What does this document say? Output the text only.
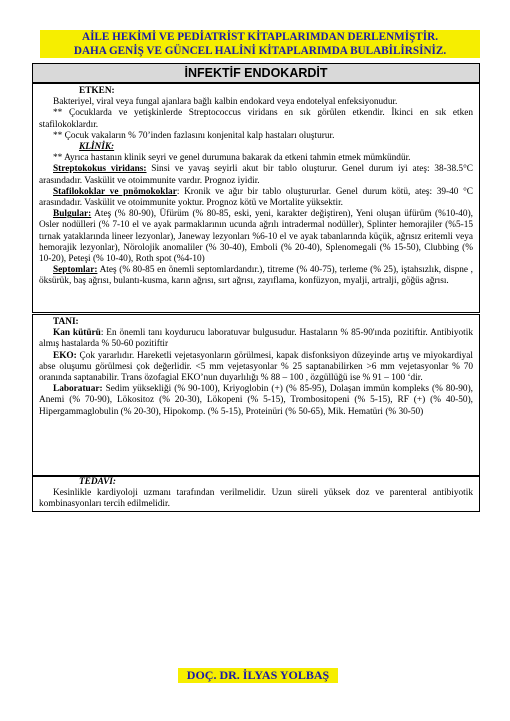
AİLE HEKİMİ VE PEDİATRİST KİTAPLARIMDAN DERLENMİŞTİR.
DAHA GENİŞ VE GÜNCEL HALİNİ KİTAPLARIMDA BULABİLİRSİNİZ.
İNFEKTİF ENDOKARDİT
ETKEN:

Bakteriyel, viral veya fungal ajanlara bağlı kalbin endokard veya endotelyal enfeksiyonudur.

** Çocuklarda ve yetişkinlerde Streptococcus viridans en sık görülen etkendir. İkinci en sık etken stafilokoklardır.

** Çocuk vakaların % 70’inden fazlasını konjenital kalp hastaları oluşturur.

KLİNİK:

** Ayrıca hastanın klinik seyri ve genel durumuna bakarak da etkeni tahmin etmek mümkündür.

Streptokokus viridans: Sinsi ve yavaş seyirli akut bir tablo oluşturur. Genel durum iyi ateş: 38-38.5°C arasındadır. Vaskülit ve otoimmunite vardır. Prognoz iyidir.

Stafilokoklar ve pnömokoklar: Kronik ve ağır bir tablo oluştururlar. Genel durum kötü, ateş: 39-40 °C arasındadır. Vaskülit ve otoimmunite yoktur. Prognoz kötü ve Mortalite yüksektir.

Bulgular: Ateş (% 80-90), Üfürüm (% 80-85, eski, yeni, karakter değiştiren), Yeni oluşan üfürüm (%10-40), Osler nodülleri (% 7-10 el ve ayak parmaklarının ucunda ağrılı intradermal nodüller), Splinter hemorajiler (%5-15 tırnak yataklarında lineer lezyonlar), Janeway lezyonları %6-10 el ve ayak tabanlarında küçük, ağrısız eritemli veya hemorajik lezyonlar), Nörolojik anomaliler (% 30-40), Emboli (% 20-40), Splenomegali (% 15-50), Clubbing (% 10-20), Peteşi (% 10-40), Roth spot (%4-10)

Septomlar: Ateş (% 80-85 en önemli septomlardandır.), titreme (% 40-75), terleme (% 25), iştahsızlık, dispne , öksürük, baş ağrısı, bulantı-kusma, karın ağrısı, sırt ağrısı, zayıflama, konfüzyon, myalji, artralji, göğüs ağrısı.

TANI:

Kan kütürü: En önemli tanı koydurucu laboratuvar bulgusudur. Hastaların % 85-90'ında pozitiftir. Antibiyotik almış hastalarda % 50-60 pozitiftir

EKO: Çok yararlıdır. Hareketli vejetasyonların görülmesi, kapak disfonksiyon düzeyinde artış ve miyokardiyal abse oluşumu görülmesi çok değerlidir. <5 mm vejetasyonlar % 25 saptanabilirken >6 mm vejetasyonlar % 70 oranında saptanabilir. Trans özofagial EKO’nun duyarlılığı % 88 – 100 , özgüllüğü ise % 91 – 100 ‘dir.

Laboratuar: Sedim yüksekliği (% 90-100), Kriyoglobin (+) (% 85-95), Dolaşan immün kompleks (% 80-90), Anemi (% 70-90), Lökositoz (% 20-30), Lökopeni (% 5-15), Trombositopeni (% 5-15), RF (+) (% 40-50), Hipergammaglobulin (% 20-30), Hipokomp. (% 5-15), Proteinüri (% 50-65), Mik. Hematüri (% 30-50)

TEDAVİ:

Kesinlikle kardiyoloji uzmanı tarafından verilmelidir. Uzun süreli yüksek doz ve parenteral antibiyotik kombinasyonları tercih edilmelidir.

DOÇ. DR. İLYAS YOLBAŞ
